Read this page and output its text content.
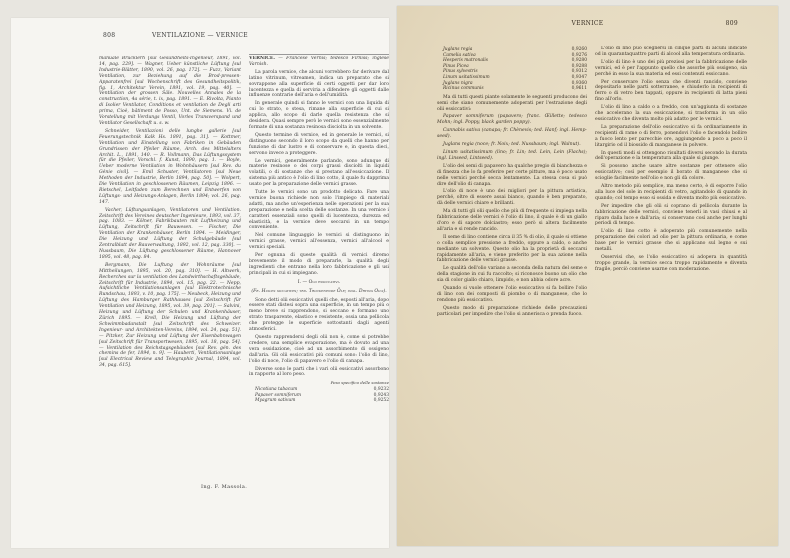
808	VENTILAZIONE — VERNICE

manuale Brucklerh [sul Gesundheits-Ingenieur, 1891, vol. 14, pag. 229]. — Wagner, Ueber künstliche Lüftung [sul Industrie-Blätter, 1890, vol. 26, pag. 172]. — Fuzz, Variant Ventilation, zur Beziehung auf die Brod-pressen-Apparatenfrei [sul Wochenschrift des Gesundheitspolitik, fig. 1, Architektur Verein, 1891, vol. 19, pag. 40]. — Ventilation der grossen Säle. Nouvelles Annales de la construction, 4a série, t. ix, pag. 1891. — E. Rivolta, Pianto di Isolier Ventilator, Conditions et ventilation de Degli arti prima, Cioè, bâtiment de Posso, Unt. de Siemens. Vi. de Vorstellung mit Verdungs Ventil, Vorles Transverspand und Ventilator Gesellschaft u. s. w.

Schneider, Ventilazioni delle lunghe gallerie [sul Feuerungstechnik Kalk Hs. 1891, pag. 31]. — Kottmer, Ventilation und Einstellung von Fabriken in Gebäuden Grundrissen der Pfeiler Räume, Arch. des Mittelalters Archit. L., 1891, 140. — R. Vollmann, Das Lüftungssystem für die Pfeiler, Vorschl. f. Kunst, 1890, pag. 1. — Boyle, Ueber moderne Ventilation in Wohnhäusern [sul Rev. du Génie civil]. — Emil Schuster, Ventilatoren [sul Neue Methoden der Industrie, Berlin 1894, pag. 50]. — Wolpert, Die Ventilation in geschlossenen Räumen, Leipzig 1896. — Rietschel, Leitfaden zum Berechnen und Entwerfen von Lüftungs- und Heizungs-Anlagen, Berlin 1894; vol. 26, pag. 147.

Vacher, Lüftungsanlagen, Ventilatoren und Ventilation. Zeitschrift des Vereines deutscher Ingenieure, 1893, vol. 37, pag. 1083. — Kölner, Fabrikbauten mit Luftheizung und Lüftung, Zeitschrift für Bauwesen. — Fischer, Die Ventilation der Krankenhäuser, Berlin 1894. — Meidinger, Die Heizung und Lüftung der Schulgebäude [sul Zentralblatt der Bauverwaltung, 1892, vol. 12, pag. 330]. — Nussbaum, Die Lüftung geschlossener Räume, Hannover 1895, vol. 48, pag. 84.

Bergmann, Die Luftung der Wohnräume [sul Mittheilungen, 1895, vol. 20, pag. 310]. — H. Altwerk, Recherches sur la ventilation des Landwirthschaftsgebäude, Zeitschrift für Industrie, 1894, vol. 15, pag. 22. — Nepp, Aufsichtliche Ventilationsanlagen [sul Elektrotechnische Rundschau, 1893, v. 10, pag. 175]. — Neubeck, Heizung und Lüftung des Hamburger Rathhauses [sul Zeitschrift für Ventilation und Heizung, 1895, vol. 39, pag. 201]. — Salvini, Heizung und Lüftung der Schulen und Krankenhäuser, Zürich 1895. — Krell, Die Heizung und Lüftung der Schwimmbadanstalt [sul Zeitschrift des Schweizer. Ingenieur- und Architekten-Vereins, 1894, vol. 24, pag. 51]. — Pitzker, Zur Heizung und Lüftung der Eisenbahnwagen [sul Zeitschrift für Transportwesen, 1895, vol. 18, pag. 54]. — Ventilation des Reichstagsgebäudes [sul Rev. gén. des chemins de fer, 1894, n. 9]. — Hauberti, Ventilationsanlage [sul Electrical Review and Telegraphic Journal, 1894, vol. 34, pag. 615].

Ing. F. Massola.

VERNICE. — Francese Vernis; tedesco Firniss; inglese Varnish.

La parola vernice, che alcuni vorrebbero far derivare dal latino vitrinum, vitreamen, indica un preparato che si sovrappone alla superficie di certi oggetti per dar loro lucentezza e quella di serviria a difendere gli oggetti dalle influenze contrarie dell'aria e dell'umidità.

In generale quindi si fanno le vernici con una liquida di cui lo strato, o stesa, rimane alla superficie di cui si applica, allo scopo di darle quella resistenza che si desidera. Quasi sempre però le vernici sono essenzialmente formate di una sostanza resinosa disciolta in un solvente.

Questo termine di vernice, ed in generale le vernici, si distinguono secondo il loro scopo da quelli che hanno per funzione di dar lustro e di conservare e, in questa dieci, servono invece a proteggere.

Le vernici, generalmente parlando, sono adunque di materie resinose o dei corpi grassi disciolti in liquidi volatili, o di sostanze che si prestano all'essiccazione. Il sistema più antico è l'olio di lino cotto, il quale fu dapprima usato per la preparazione delle vernici grasse.

Tutte le vernici sono un prodotto delicato. Fare una vernice buona richiede non solo l'impiego di materiali adatti, ma anche un'esperienza nelle operazioni per la sua preparazione e nella scelta delle sostanze. In una vernice i caratteri essenziali sono quelli di lucentezza, durezza ed elasticità, e la vernice deve seccarsi in un tempo conveniente.

Nel comune linguaggio le vernici si distinguono in vernici grasse, vernici all'essenza, vernici all'alcool e vernici speciali.

Per ognuna di queste qualità di vernici diremo brevemente il modo di prepararle, la qualità degli ingredienti che entrano nella loro fabbricazione e gli usi principali in cui si impiegano.

I. — Olii essiccativi.

(Fr. Huiles siccatives; ted. Trockenende Öle; ingl. Drying Oils).

Sono detti olii essiccativi quelli che, esposti all'aria, dopo essere stati distesi sopra una superficie, in un tempo più o meno breve si rapprendono, si seccano e formano uno strato trasparente, elastico e resistente, ossia una pellicola che protegge le superficie sottostanti dagli agenti atmosferici.

Questo rapprendersi degli olii non è, come si potrebbe credere, una semplice evaporazione, ma è dovuto ad una vera ossidazione, cioè ad un assorbimento di ossigeno dall'aria. Gli olii essiccativi più comuni sono: l'olio di lino, l'olio di noce, l'olio di papavero e l'olio di canapa.

Diverse sono le parti che i vari olii essiccativi assorbono in rapporto al loro peso.

Peso specifico delle sostanze
Nicotiana tabacum	0,9232
Papaver somniferum	0,9243
Myagrum sativum	0,9252
VERNICE	809
Juglans regia	0,9260
Camelia sativa	0,9276
Hesperis matronalis	0,9280
Pinus Picea	0,9288
Pinus sylvestris	0,9312
Linum usitatissimum	0,9347
Juglans nigra	0,9360
Ricinus communis	0,9611

Ma di tutti questi piante solamente le seguenti producono dei semi che siano comunemente adoperati per l'estrazione degli olii essiccativi:

Papaver somniferum (papavero; franc. Œillette; tedesco Mohn; ingl. Poppy, black garden poppy).

Cannabis sativa (canapa; fr. Chènevis; ted. Hanf; ingl. Hemp-seed).

Juglans regia (noce; fr. Noix; ted. Nussbaum; ingl. Walnut).

Linum usitatissimum (lino; fr. Lin; ted. Lein, Lein (Flachs); ingl. Linseed, Lintseed).

L'olio dei semi di papavero ha qualche pregio di bianchezza e di finezza che lo fa preferire per certe pitture, ma è poco usato nelle vernici perché secca lentamente. La stessa cosa si può dire dell'olio di canapa.

L'olio di noce è uno dei migliori per la pittura artistica, perché, oltre di essere assai bianco, quando è ben preparato, dà delle vernici chiare e brillanti.

Ma di tutti gli olii quello che più di frequente si impiega nella fabbricazione delle vernici è l'olio di lino, il quale è di un giallo d'oro e di sapore dolciastro; esso però si altera facilmente all'aria e si rende rancido.

Il seme di lino contiene circa il 35 % di olio, il quale si ottiene o colla semplice pressione a freddo, oppure a caldo, o anche mediante un solvente. Questo olio ha la proprietà di seccarsi rapidamente all'aria, e viene preferito per la sua azione nella fabbricazione delle vernici grasse.

Le qualità dell'olio variano a seconda della natura del seme e della stagione in cui fu raccolto; si riconosce buono un olio che sia di color giallo chiaro, limpido, e non abbia odore acre.

Quando si vuole ottenere l'olio essiccativo si fa bollire l'olio di lino con dei composti di piombo o di manganese, che lo rendono più essiccativo.

Questo modo di preparazione richiede delle precauzioni particolari per impedire che l'olio si annerisca o prenda fuoco.

L'olio di lino può scegliersi in cinque parti di alcuni indicate od in quarantaquattro parti di alcool alla temperatura ordinaria.

L'olio di lino è uno dei più preziosi per la fabbricazione delle vernici, ed è per l'appunto quello che assorbe più ossigeno, sia perché in esso la sua materia ed essi contenuti essiccano.

Per conservare l'olio senza che diventi rancido, conviene depositarlo nelle parti sotterranee, e chiuderlo in recipienti di ferro o di vetro ben tappati, oppure in recipienti di latta pieni fino all'orlo.

L'olio di lino a caldo o a freddo, con un'aggiunta di sostanze che accelerano la sua essiccazione, si trasforma in un olio essiccativo che diventa molto più adatto per le vernici.

La preparazione dell'olio essiccativo si fa ordinariamente in recipienti di rame o di ferro, ponendovi l'olio e facendolo bollire a fuoco lento per parecchie ore, aggiungendo a poco a poco il litargirio od il biossido di manganese in polvere.

In questi modi si ottengono risultati diversi secondo la durata dell'operazione e la temperatura alla quale si giunge.

Si possono anche usare altre sostanze per ottenere olio essiccativo; così per esempio il borato di manganese che si scioglie facilmente nell'olio e non gli dà colore.

Altro metodo più semplice, ma meno certo, è di esporre l'olio alla luce del sole in recipienti di vetro, agitandolo di quando in quando; col tempo esso si ossida e diventa molto più essiccativo.

Per impedire che gli olii si coprano di pellicola durante la fabbricazione delle vernici, conviene tenerli in vasi chiusi e al riparo dalla luce e dall'aria; si conservano così anche per lunghi periodi di tempo.

L'olio di lino cotto è adoperato più comunemente nella preparazione dei colori ad olio per la pittura ordinaria, e come base per le vernici grasse che si applicano sul legno e sui metalli.

Osservisi che, se l'olio essiccativo si adopera in quantità troppo grande, la vernice secca troppo rapidamente e diventa fragile, perciò conviene usarne con moderazione.
